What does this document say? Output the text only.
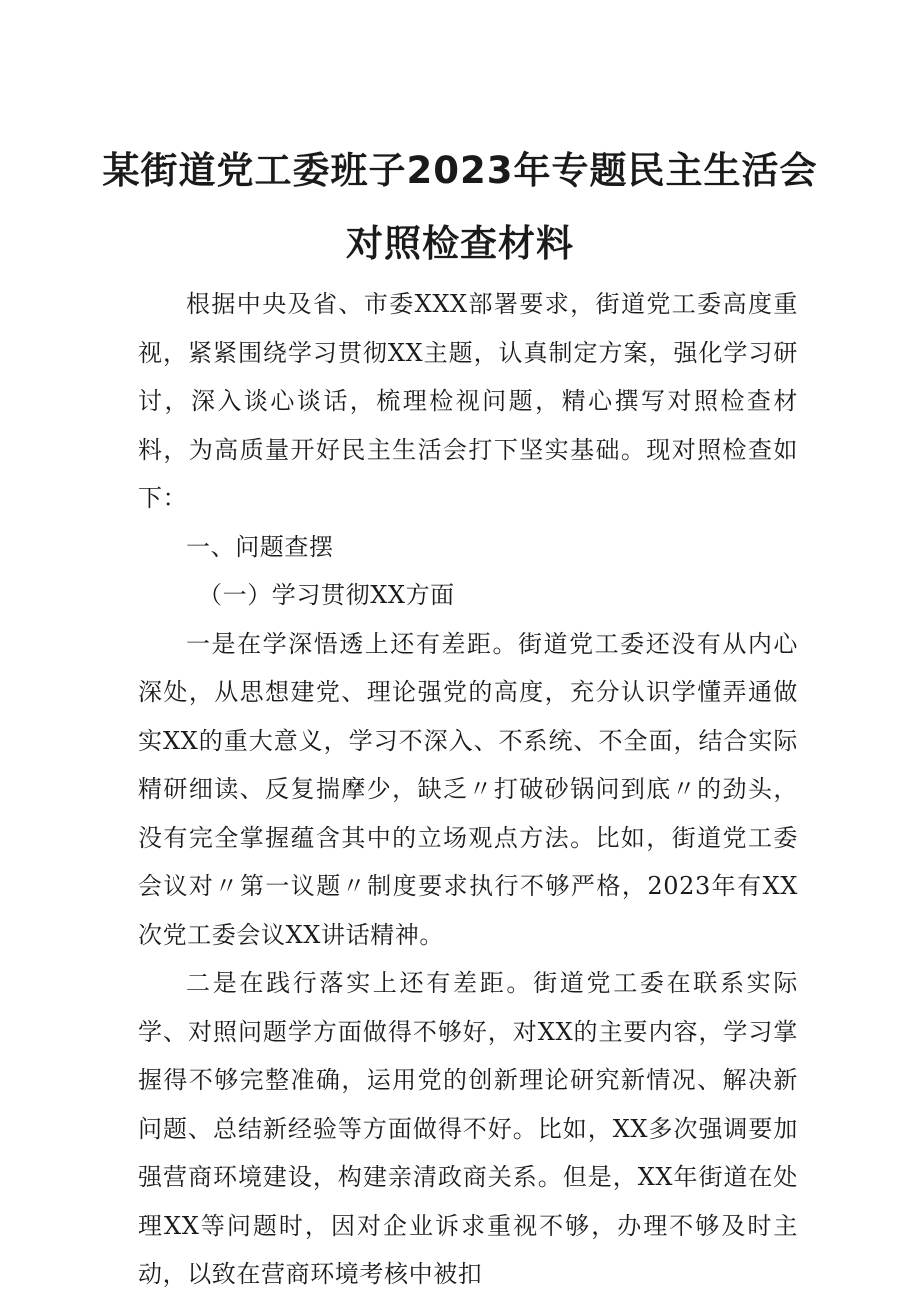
某街道党工委班子2023年专题民主生活会
对照检查材料

根据中央及省、市委XXX部署要求，街道党工委高度重视，紧紧围绕学习贯彻XX主题，认真制定方案，强化学习研讨，深入谈心谈话，梳理检视问题，精心撰写对照检查材料，为高质量开好民主生活会打下坚实基础。现对照检查如下：

一、问题查摆

（一）学习贯彻XX方面

一是在学深悟透上还有差距。街道党工委还没有从内心深处，从思想建党、理论强党的高度，充分认识学懂弄通做实XX的重大意义，学习不深入、不系统、不全面，结合实际精研细读、反复揣摩少，缺乏〃打破砂锅问到底〃的劲头，没有完全掌握蕴含其中的立场观点方法。比如，街道党工委会议对〃第一议题〃制度要求执行不够严格，2023年有XX次党工委会议XX讲话精神。

二是在践行落实上还有差距。街道党工委在联系实际学、对照问题学方面做得不够好，对XX的主要内容，学习掌握得不够完整准确，运用党的创新理论研究新情况、解决新问题、总结新经验等方面做得不好。比如，XX多次强调要加强营商环境建设，构建亲清政商关系。但是，XX年街道在处理XX等问题时，因对企业诉求重视不够，办理不够及时主动，以致在营商环境考核中被扣
